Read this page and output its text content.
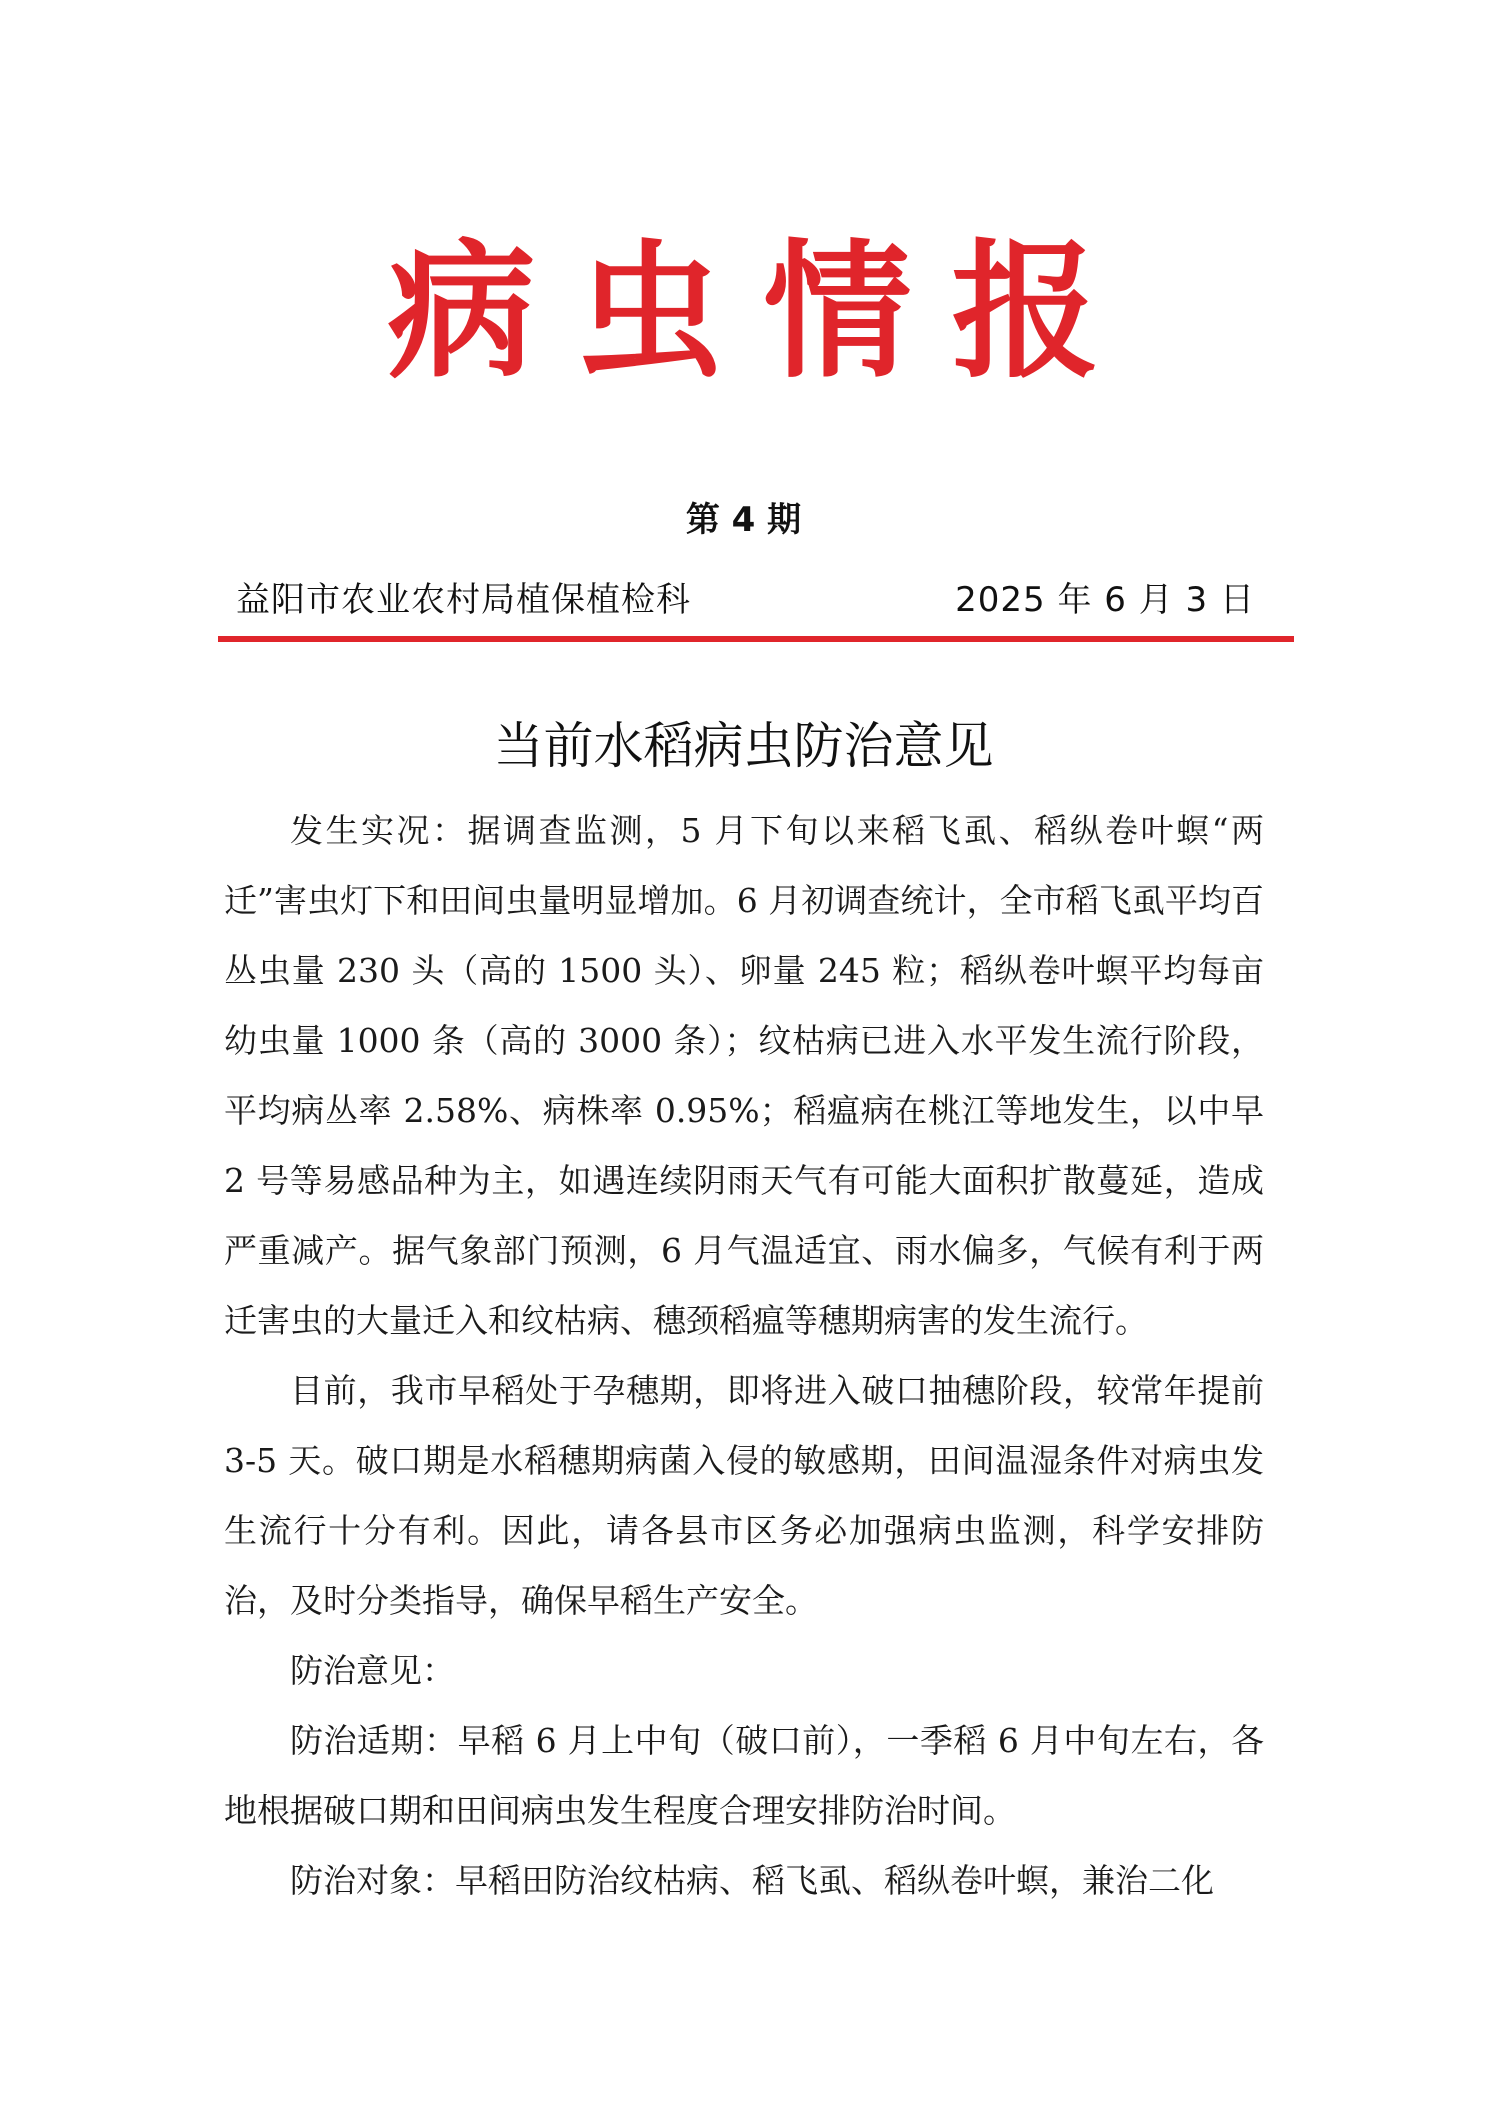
病虫情报
第 4 期
益阳市农业农村局植保植检科	2025 年 6 月 3 日
当前水稻病虫防治意见

发生实况：据调查监测，5 月下旬以来稻飞虱、稻纵卷叶螟“两迁”害虫灯下和田间虫量明显增加。6 月初调查统计，全市稻飞虱平均百丛虫量 230 头（高的 1500 头）、卵量 245 粒；稻纵卷叶螟平均每亩幼虫量 1000 条（高的 3000 条）；纹枯病已进入水平发生流行阶段，平均病丛率 2.58%、病株率 0.95%；稻瘟病在桃江等地发生，以中早 2 号等易感品种为主，如遇连续阴雨天气有可能大面积扩散蔓延，造成严重减产。据气象部门预测，6 月气温适宜、雨水偏多，气候有利于两迁害虫的大量迁入和纹枯病、穗颈稻瘟等穗期病害的发生流行。

目前，我市早稻处于孕穗期，即将进入破口抽穗阶段，较常年提前 3-5 天。破口期是水稻穗期病菌入侵的敏感期，田间温湿条件对病虫发生流行十分有利。因此，请各县市区务必加强病虫监测，科学安排防治，及时分类指导，确保早稻生产安全。

防治意见：

防治适期：早稻 6 月上中旬（破口前），一季稻 6 月中旬左右，各地根据破口期和田间病虫发生程度合理安排防治时间。

防治对象：早稻田防治纹枯病、稻飞虱、稻纵卷叶螟，兼治二化
